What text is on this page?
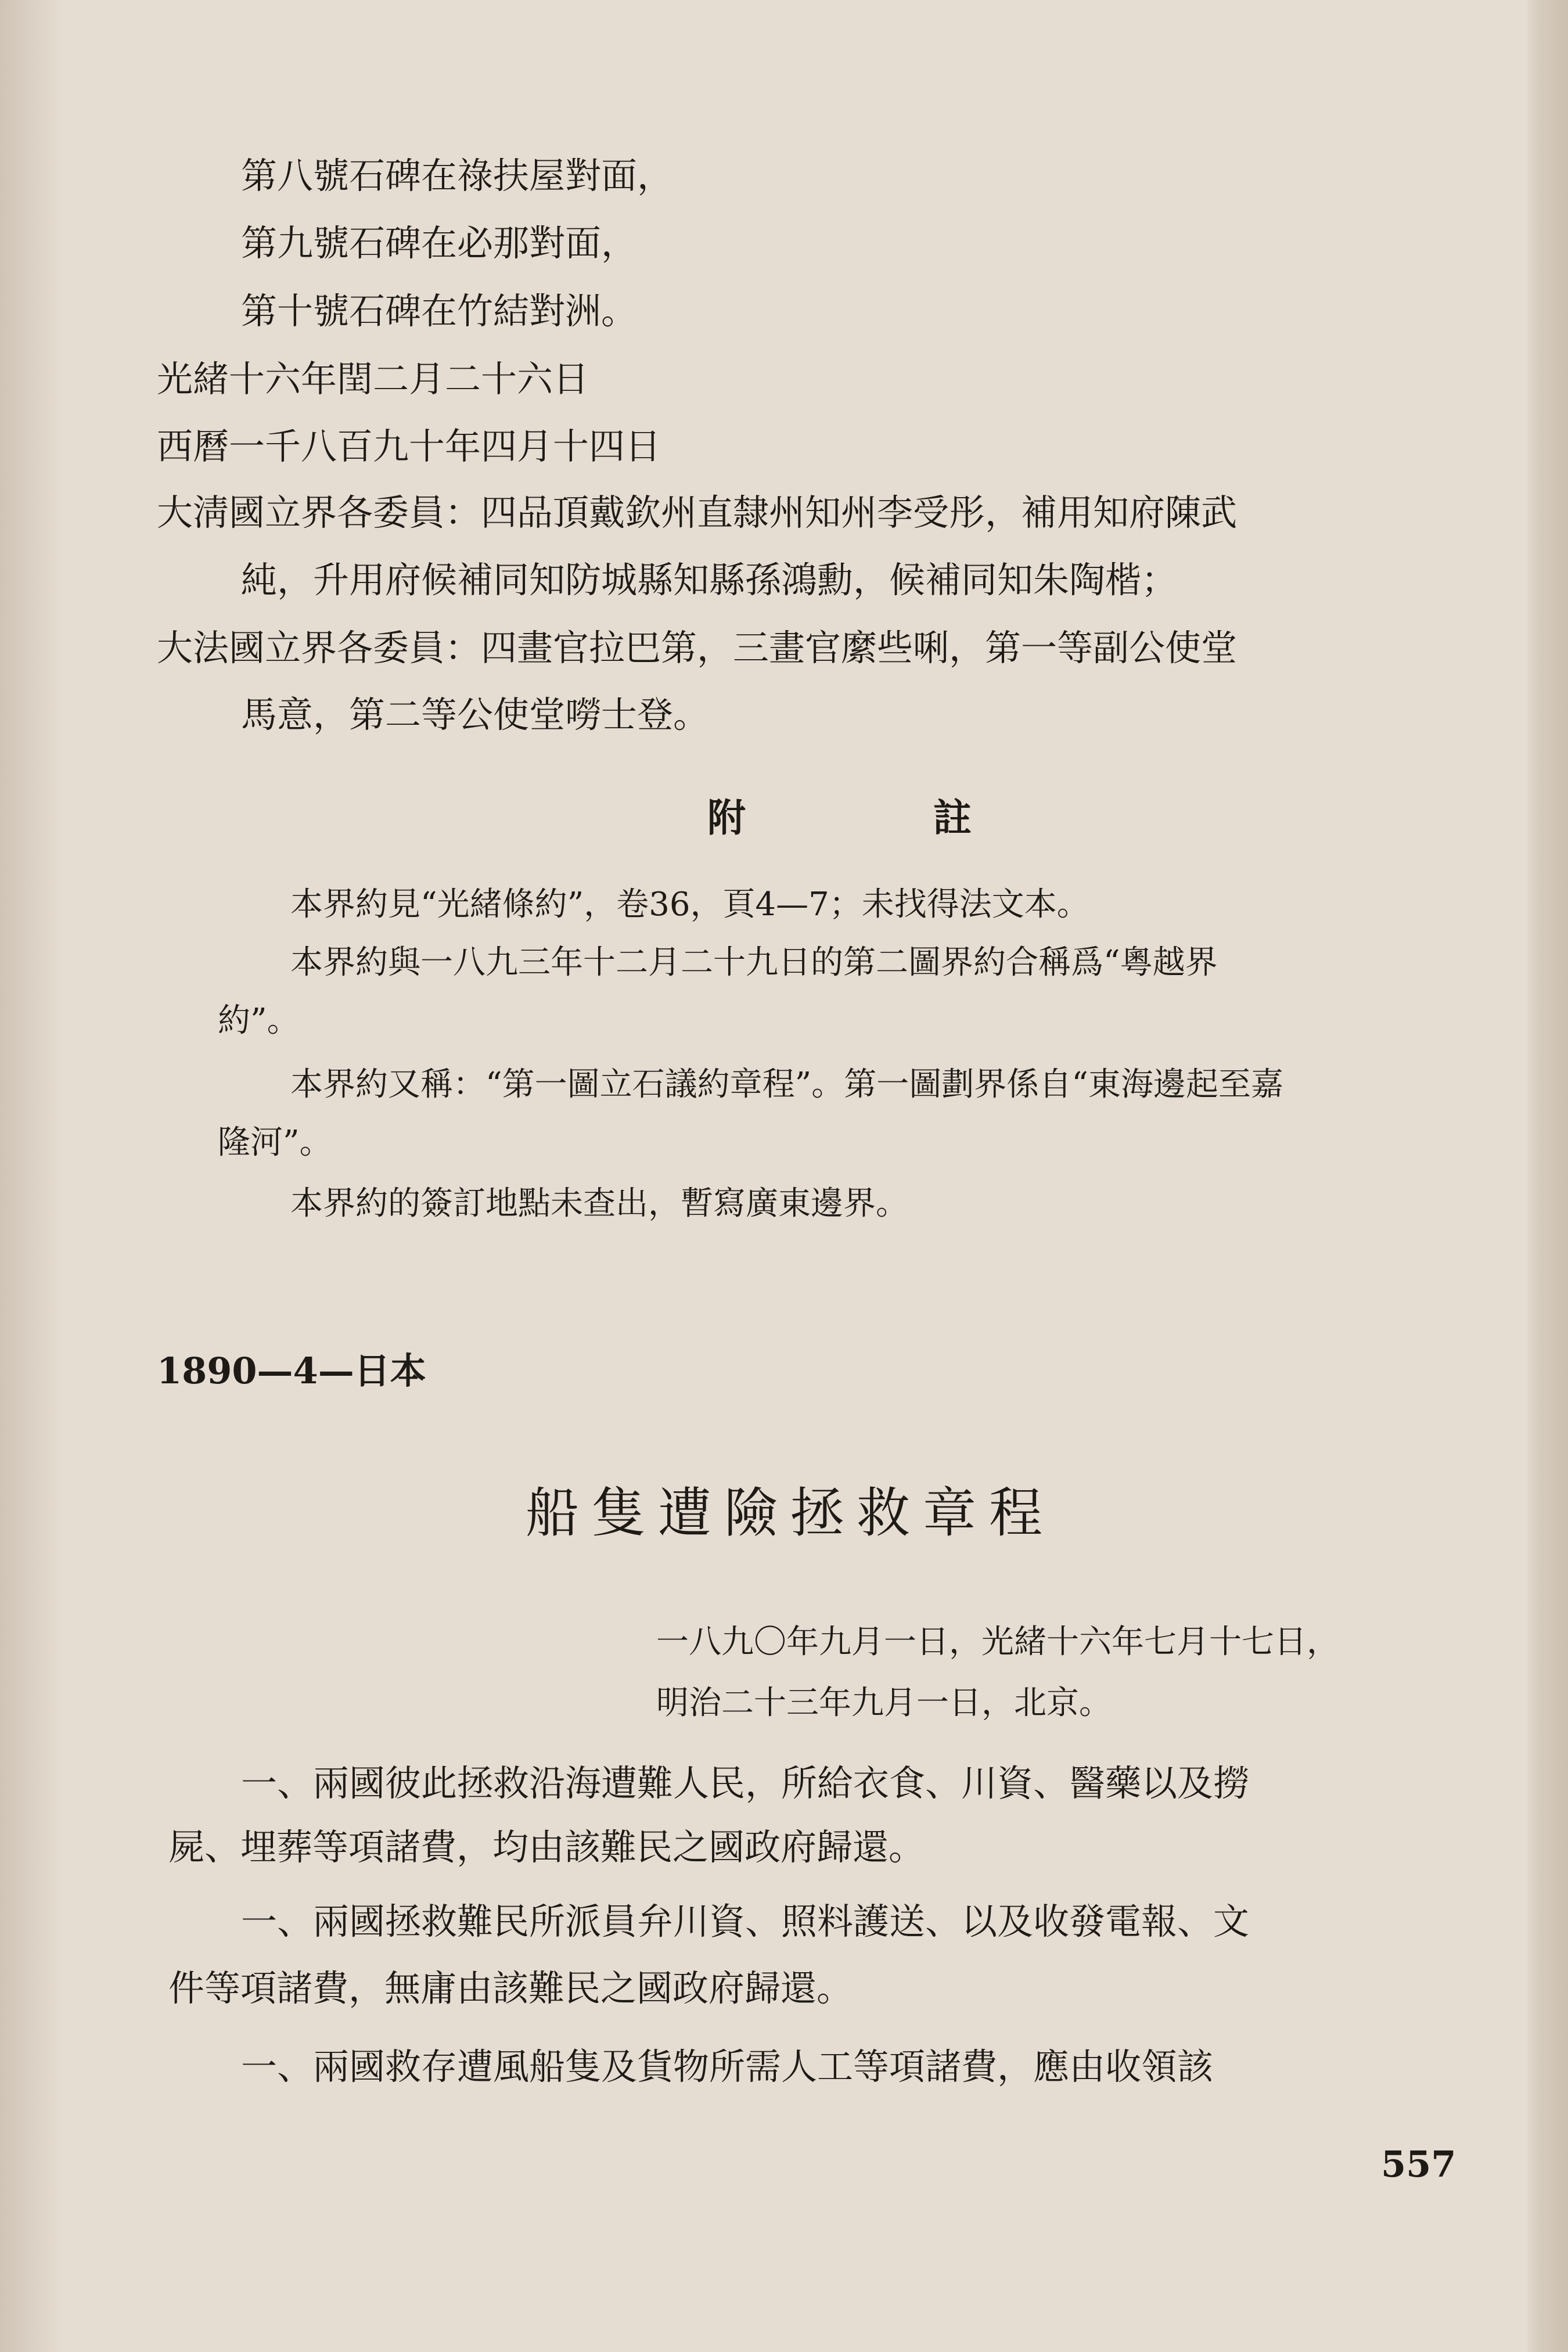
第八號石碑在祿扶屋對面，

第九號石碑在必那對面，

第十號石碑在竹結對洲。

光緒十六年閏二月二十六日

西曆一千八百九十年四月十四日

大淸國立界各委員：四品頂戴欽州直隸州知州李受彤，補用知府陳武

純，升用府候補同知防城縣知縣孫鴻勳，候補同知朱陶楷；

大法國立界各委員：四畫官拉巴第，三畫官縻些唎，第一等副公使堂

馬意，第二等公使堂嘮士登。

附 註

本界約見“光緒條約”，卷36，頁4—7；未找得法文本。

本界約與一八九三年十二月二十九日的第二圖界約合稱爲“粵越界

約”。

本界約又稱：“第一圖立石議約章程”。第一圖劃界係自“東海邊起至嘉

隆河”。

本界約的簽訂地點未查出，暫寫廣東邊界。

1890—4—日本

船隻遭險拯救章程

一八九〇年九月一日，光緒十六年七月十七日，

明治二十三年九月一日，北京。

一、兩國彼此拯救沿海遭難人民，所給衣食、川資、醫藥以及撈

屍、埋葬等項諸費，均由該難民之國政府歸還。

一、兩國拯救難民所派員弁川資、照料護送、以及收發電報、文

件等項諸費，無庸由該難民之國政府歸還。

一、兩國救存遭風船隻及貨物所需人工等項諸費，應由收領該

557
